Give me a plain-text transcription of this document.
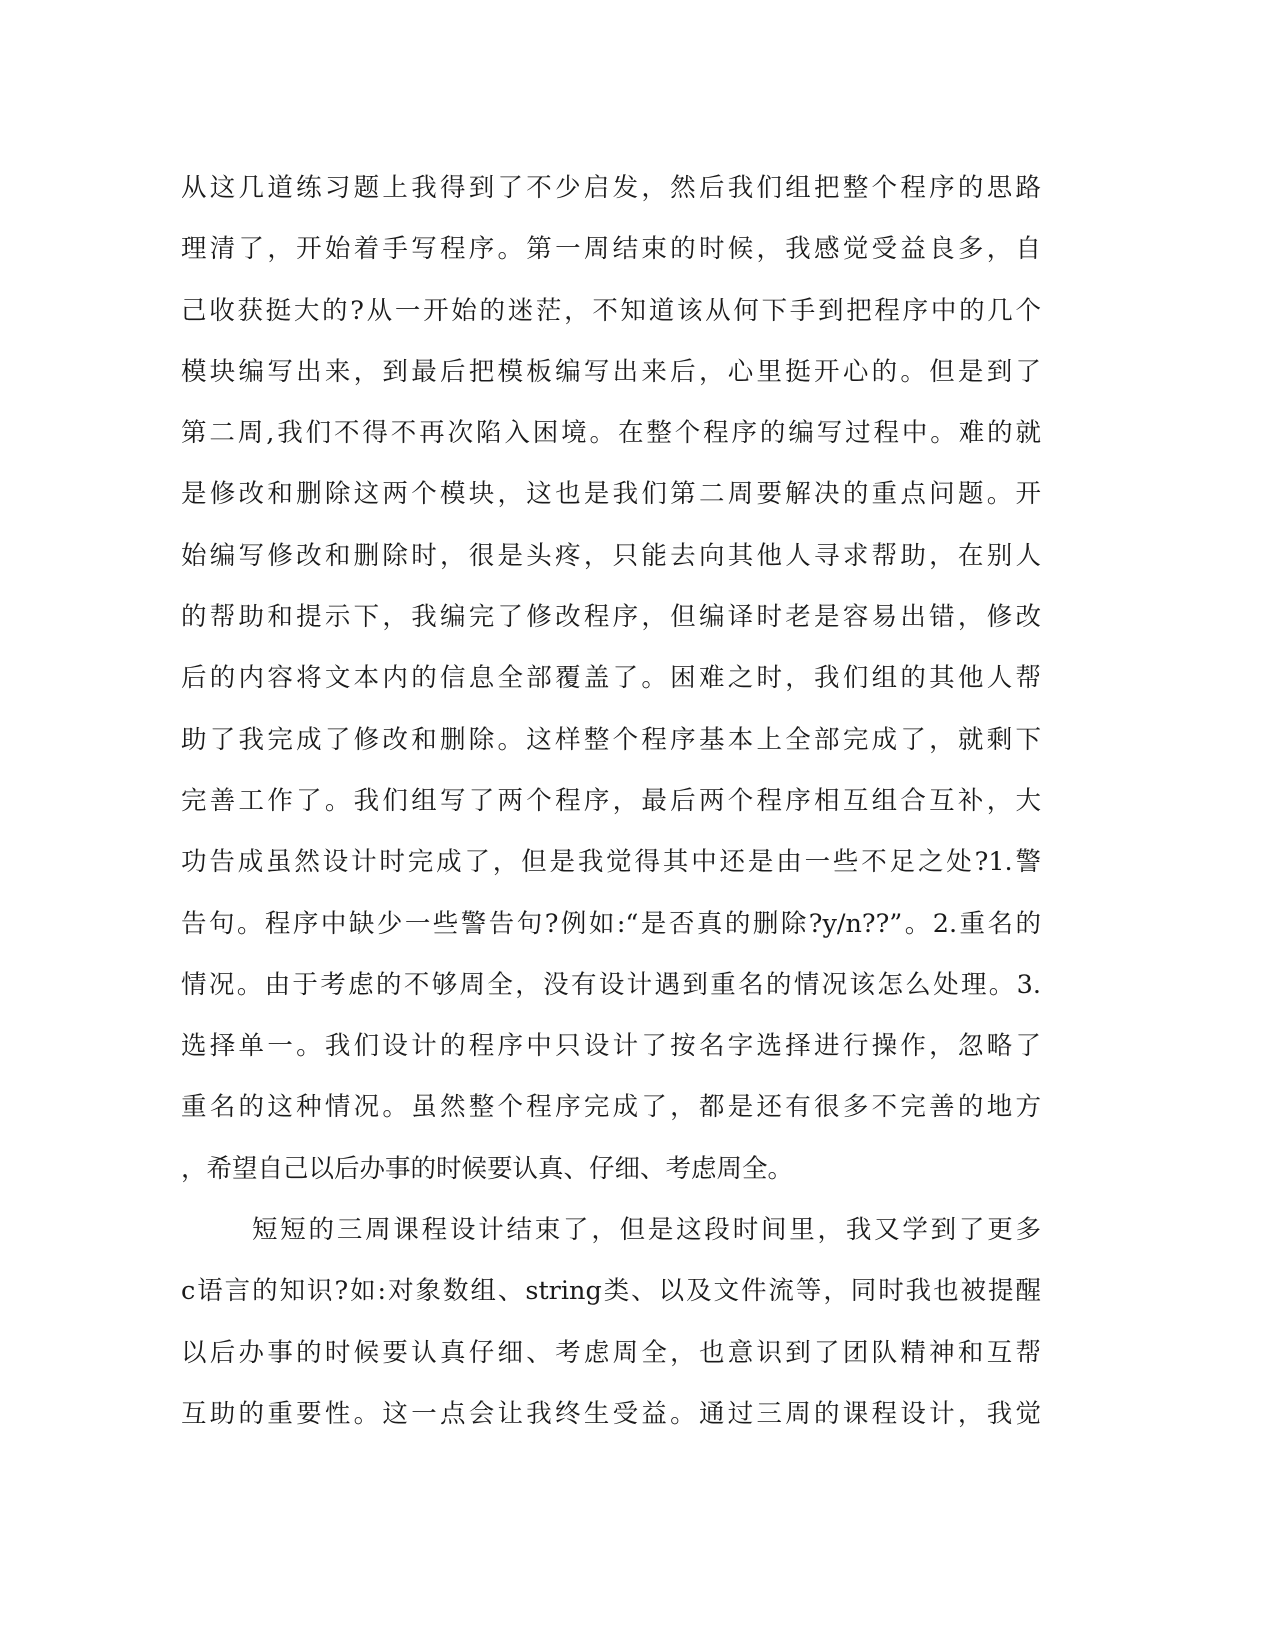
从这几道练习题上我得到了不少启发，然后我们组把整个程序的思路
理清了，开始着手写程序。第一周结束的时候，我感觉受益良多，自
己收获挺大的?从一开始的迷茫，不知道该从何下手到把程序中的几个
模块编写出来，到最后把模板编写出来后，心里挺开心的。但是到了
第二周,我们不得不再次陷入困境。在整个程序的编写过程中。难的就
是修改和删除这两个模块，这也是我们第二周要解决的重点问题。开
始编写修改和删除时，很是头疼，只能去向其他人寻求帮助，在别人
的帮助和提示下，我编完了修改程序，但编译时老是容易出错，修改
后的内容将文本内的信息全部覆盖了。困难之时，我们组的其他人帮
助了我完成了修改和删除。这样整个程序基本上全部完成了，就剩下
完善工作了。我们组写了两个程序，最后两个程序相互组合互补，大
功告成虽然设计时完成了，但是我觉得其中还是由一些不足之处?1.警
告句。程序中缺少一些警告句?例如:“是否真的删除?y/n??”。2.重名的
情况。由于考虑的不够周全，没有设计遇到重名的情况该怎么处理。3.
选择单一。我们设计的程序中只设计了按名字选择进行操作，忽略了
重名的这种情况。虽然整个程序完成了，都是还有很多不完善的地方
，希望自己以后办事的时候要认真、仔细、考虑周全。
短短的三周课程设计结束了，但是这段时间里，我又学到了更多
c语言的知识?如:对象数组、string类、以及文件流等，同时我也被提醒
以后办事的时候要认真仔细、考虑周全，也意识到了团队精神和互帮
互助的重要性。这一点会让我终生受益。通过三周的课程设计，我觉
